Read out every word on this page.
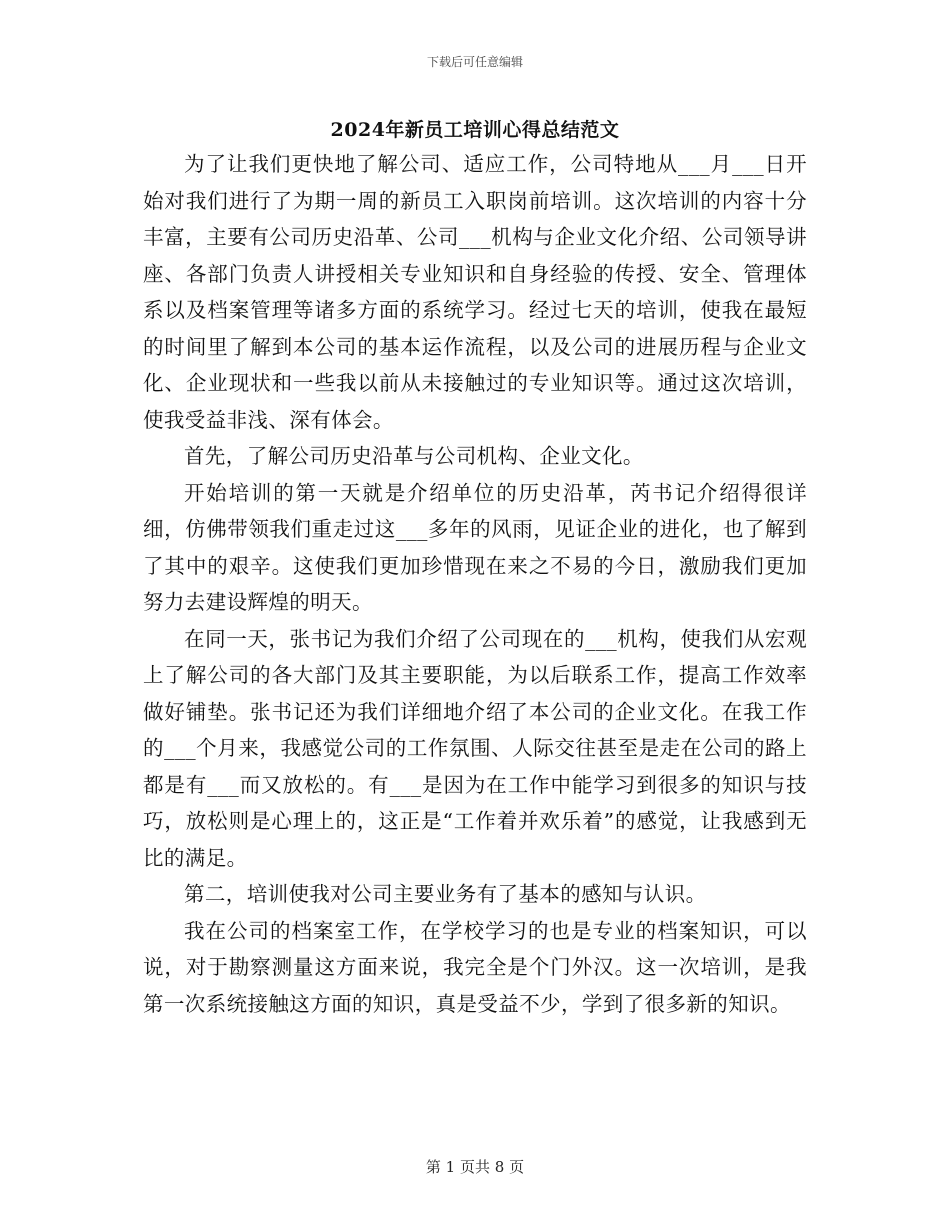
下载后可任意编辑
2024年新员工培训心得总结范文

为了让我们更快地了解公司、适应工作，公司特地从___月___日开始对我们进行了为期一周的新员工入职岗前培训。这次培训的内容十分丰富，主要有公司历史沿革、公司___机构与企业文化介绍、公司领导讲座、各部门负责人讲授相关专业知识和自身经验的传授、安全、管理体系以及档案管理等诸多方面的系统学习。经过七天的培训，使我在最短的时间里了解到本公司的基本运作流程，以及公司的进展历程与企业文化、企业现状和一些我以前从未接触过的专业知识等。通过这次培训，使我受益非浅、深有体会。

首先，了解公司历史沿革与公司机构、企业文化。

开始培训的第一天就是介绍单位的历史沿革，芮书记介绍得很详细，仿佛带领我们重走过这___多年的风雨，见证企业的进化，也了解到了其中的艰辛。这使我们更加珍惜现在来之不易的今日，激励我们更加努力去建设辉煌的明天。

在同一天，张书记为我们介绍了公司现在的___机构，使我们从宏观上了解公司的各大部门及其主要职能，为以后联系工作，提高工作效率做好铺垫。张书记还为我们详细地介绍了本公司的企业文化。在我工作的___个月来，我感觉公司的工作氛围、人际交往甚至是走在公司的路上都是有___而又放松的。有___是因为在工作中能学习到很多的知识与技巧，放松则是心理上的，这正是“工作着并欢乐着”的感觉，让我感到无比的满足。

第二，培训使我对公司主要业务有了基本的感知与认识。

我在公司的档案室工作，在学校学习的也是专业的档案知识，可以说，对于勘察测量这方面来说，我完全是个门外汉。这一次培训，是我第一次系统接触这方面的知识，真是受益不少，学到了很多新的知识。

第 1 页共 8 页
